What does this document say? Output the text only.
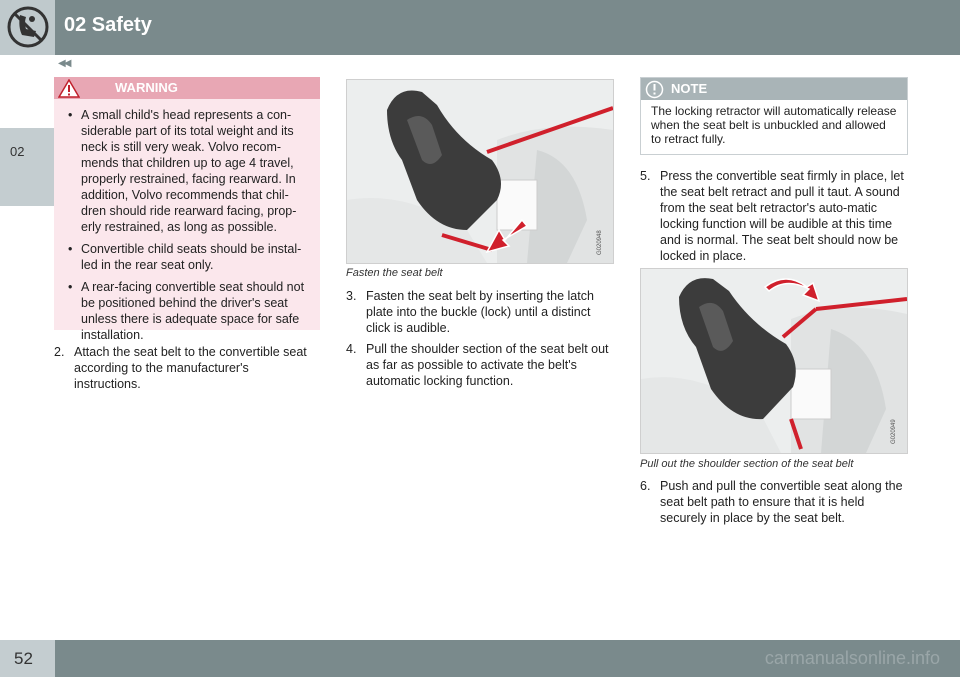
02 Safety
◀◀
02
WARNING
• A small child's head represents a con-siderable part of its total weight and its neck is still very weak. Volvo recom-mends that children up to age 4 travel, properly restrained, facing rearward. In addition, Volvo recommends that chil-dren should ride rearward facing, prop-erly restrained, as long as possible.
• Convertible child seats should be instal-led in the rear seat only.
• A rear-facing convertible seat should not be positioned behind the driver's seat unless there is adequate space for safe installation.
2. Attach the seat belt to the convertible seat according to the manufacturer's instructions.
G020948
Fasten the seat belt
3. Fasten the seat belt by inserting the latch plate into the buckle (lock) until a distinct click is audible.
4. Pull the shoulder section of the seat belt out as far as possible to activate the belt's automatic locking function.
NOTE
The locking retractor will automatically release when the seat belt is unbuckled and allowed to retract fully.
5. Press the convertible seat firmly in place, let the seat belt retract and pull it taut. A sound from the seat belt retractor's auto-matic locking function will be audible at this time and is normal. The seat belt should now be locked in place.
G020949
Pull out the shoulder section of the seat belt
6. Push and pull the convertible seat along the seat belt path to ensure that it is held securely in place by the seat belt.
52	carmanualsonline.info
